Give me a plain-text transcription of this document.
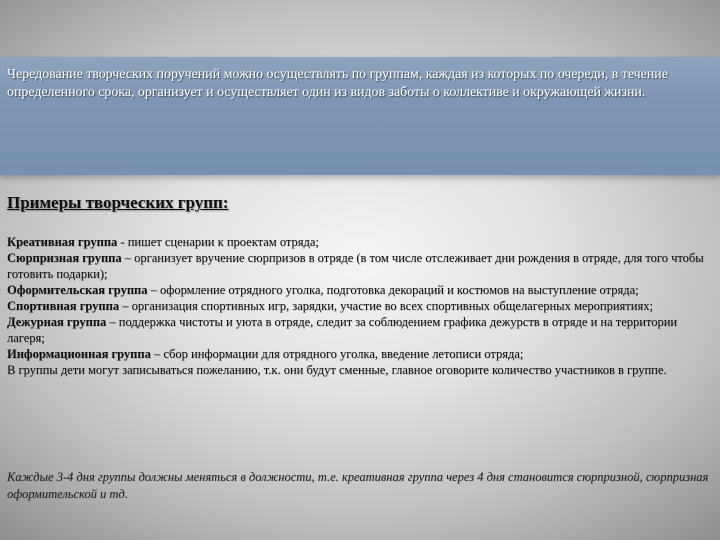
Чередование творческих поручений можно осуществлять по группам, каждая из которых по очереди, в течение определенного срока, организует и осуществляет один из видов заботы о коллективе и окружающей жизни.

Примеры творческих групп:
Креативная группа - пишет сценарии к проектам отряда;
Сюрпризная группа – организует вручение сюрпризов в отряде (в том числе отслеживает дни рождения в отряде, для того чтобы готовить подарки);
Оформительская группа – оформление отрядного уголка, подготовка декораций и костюмов на выступление отряда;
Спортивная группа – организация спортивных игр, зарядки, участие во всех спортивных общелагерных мероприятиях;
Дежурная группа – поддержка чистоты и уюта в отряде, следит за соблюдением графика дежурств в отряде и на территории лагеря;
Информационная группа – сбор информации для отрядного уголка, введение летописи отряда;
В группы дети могут записываться пожеланию, т.к. они будут сменные, главное оговорите количество участников в группе.

Каждые 3-4 дня группы должны меняться в должности, т.е. креативная группа через 4 дня становится сюрпризной, сюрпризная оформительской и тд.
